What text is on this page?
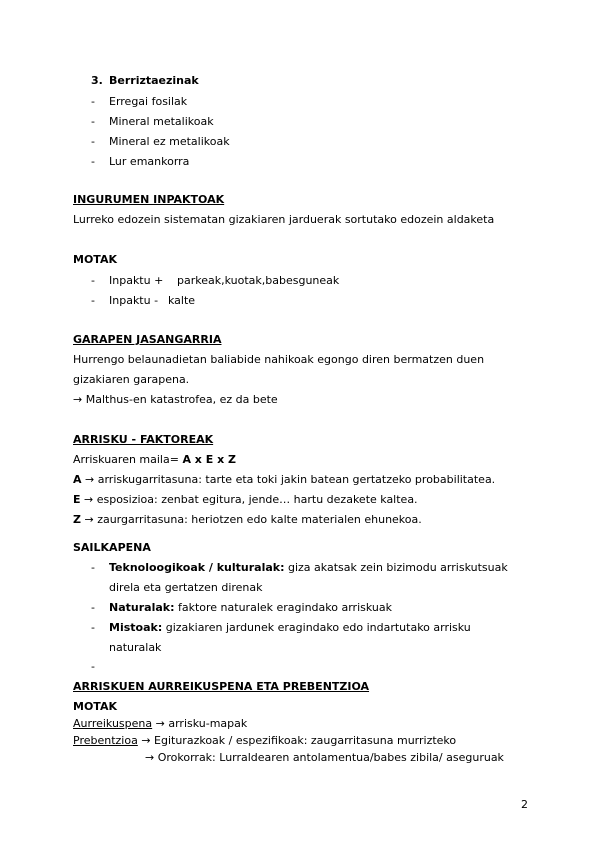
3. Berriztaezinak
- Erregai fosilak
- Mineral metalikoak
- Mineral ez metalikoak
- Lur emankorra
INGURUMEN INPAKTOAK
Lurreko edozein sistematan gizakiaren jarduerak sortutako edozein aldaketa
MOTAK
- Inpaktu + parkeak,kuotak,babesguneak
- Inpaktu - kalte
GARAPEN JASANGARRIA
Hurrengo belaunadietan baliabide nahikoak egongo diren bermatzen duen
gizakiaren garapena.
→ Malthus-en katastrofea, ez da bete
ARRISKU - FAKTOREAK
Arriskuaren maila= A x E x Z
A → arriskugarritasuna: tarte eta toki jakin batean gertatzeko probabilitatea.
E → esposizioa: zenbat egitura, jende… hartu dezakete kaltea.
Z → zaurgarritasuna: heriotzen edo kalte materialen ehunekoa.
SAILKAPENA
- Teknoloogikoak / kulturalak: giza akatsak zein bizimodu arriskutsuak
direla eta gertatzen direnak
- Naturalak: faktore naturalek eragindako arriskuak
- Mistoak: gizakiaren jardunek eragindako edo indartutako arrisku
naturalak
-
ARRISKUEN AURREIKUSPENA ETA PREBENTZIOA
MOTAK
Aurreikuspena → arrisku-mapak
Prebentzioa → Egiturazkoak / espezifikoak: zaugarritasuna murrizteko
→ Orokorrak: Lurraldearen antolamentua/babes zibila/ aseguruak
2
